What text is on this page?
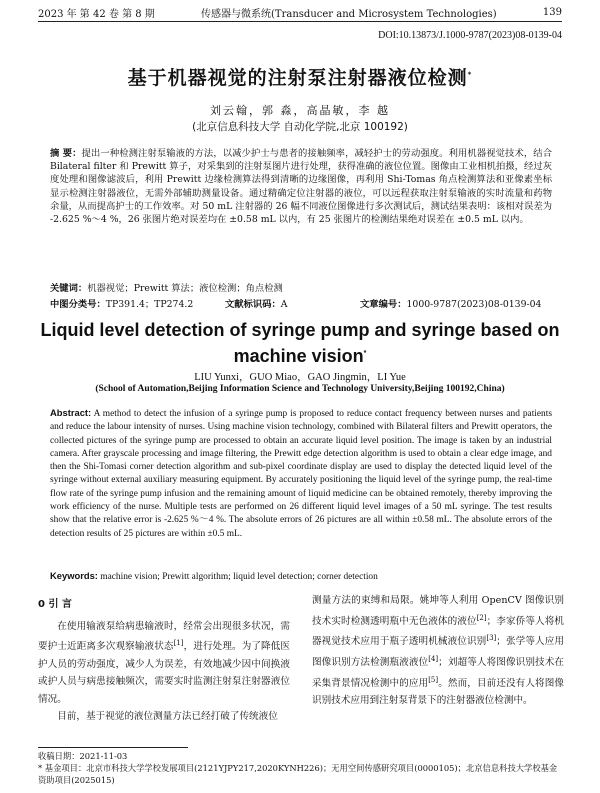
2023 年 第 42 卷 第 8 期	传感器与微系统(Transducer and Microsystem Technologies)	139
DOI:10.13873/J.1000-9787(2023)08-0139-04
基于机器视觉的注射泵注射器液位检测*
刘云翰，郭 淼，高晶敏，李 越
(北京信息科技大学 自动化学院,北京 100192)
摘 要：提出一种检测注射泵输液的方法，以减少护士与患者的接触频率，减轻护士的劳动强度。利用机器视觉技术，结合 Bilateral filter 和 Prewitt 算子，对采集到的注射泵图片进行处理，获得准确的液位位置。图像由工业相机拍摄，经过灰度处理和图像滤波后，利用 Prewitt 边缘检测算法得到清晰的边缘图像，再利用 Shi-Tomas 角点检测算法和亚像素坐标显示检测注射器液位，无需外部辅助测量设备。通过精确定位注射器的液位，可以远程获取注射泵输液的实时流量和药物余量，从而提高护士的工作效率。对 50 mL 注射器的 26 幅不同液位图像进行多次测试后，测试结果表明：该相对误差为 -2.625 %～4 %，26 张图片绝对误差均在 ±0.58 mL 以内，有 25 张图片的检测结果绝对误差在 ±0.5 mL 以内。
关键词：机器视觉；Prewitt 算法；液位检测；角点检测
中图分类号：TP391.4；TP274.2	文献标识码：A	文章编号：1000-9787(2023)08-0139-04
Liquid level detection of syringe pump and syringe based on machine vision*
LIU Yunxi，GUO Miao，GAO Jingmin，LI Yue
(School of Automation,Beijing Information Science and Technology University,Beijing 100192,China)
Abstract: A method to detect the infusion of a syringe pump is proposed to reduce contact frequency between nurses and patients and reduce the labour intensity of nurses. Using machine vision technology, combined with Bilateral filters and Prewitt operators, the collected pictures of the syringe pump are processed to obtain an accurate liquid level position. The image is taken by an industrial camera. After grayscale processing and image filtering, the Prewitt edge detection algorithm is used to obtain a clear edge image, and then the Shi-Tomasi corner detection algorithm and sub-pixel coordinate display are used to display the detected liquid level of the syringe without external auxiliary measuring equipment. By accurately positioning the liquid level of the syringe pump, the real-time flow rate of the syringe pump infusion and the remaining amount of liquid medicine can be obtained remotely, thereby improving the work efficiency of the nurse. Multiple tests are performed on 26 different liquid level images of a 50 mL syringe. The test results show that the relative error is -2.625 %～4 %. The absolute errors of 26 pictures are all within ±0.58 mL. The absolute errors of the detection results of 25 pictures are within ±0.5 mL.
Keywords: machine vision; Prewitt algorithm; liquid level detection; corner detection
0 引 言

在使用输液泵给病患输液时，经常会出现很多状况，需要护士近距离多次观察输液状态[1]，进行处理。为了降低医护人员的劳动强度，减少人为误差，有效地减少因中间换液或护人员与病患接触频次，需要实时监测注射泵注射器液位情况。

目前，基于视觉的液位测量方法已经打破了传统液位

测量方法的束缚和局限。姚坤等人利用 OpenCV 图像识别技术实时检测透明瓶中无色液体的液位[2]；李家侨等人将机器视觉技术应用于瓶子透明机械液位识别[3]；张学等人应用图像识别方法检测瓶液液位[4]；刘超等人将图像识别技术在采集背景情况检测中的应用[5]。然而，目前还没有人将图像识别技术应用到注射泵背景下的注射器液位检测中。

收稿日期：2021-11-03
* 基金项目：北京市科技大学学校发展项目(2121YJPY217,2020KYNH226)；无用空间传感研究项目(0000105)；北京信息科技大学校基金资助项目(2025015)
